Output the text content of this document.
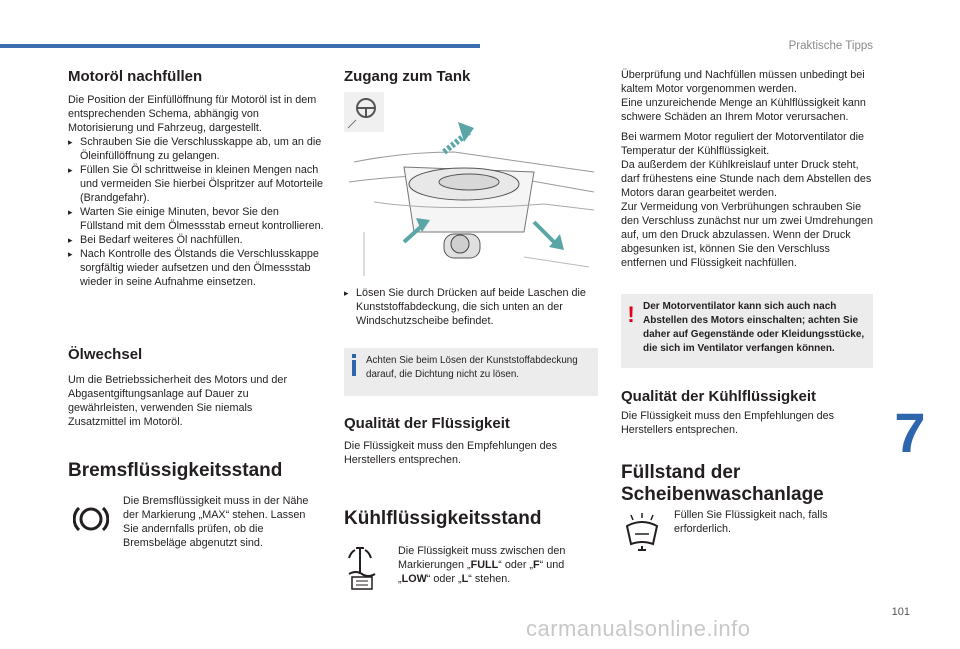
Praktische Tipps
Motoröl nachfüllen

Die Position der Einfüllöffnung für Motoröl ist in dem entsprechenden Schema, abhängig von Motorisierung und Fahrzeug, dargestellt.

▸ Schrauben Sie die Verschlusskappe ab, um an die Öleinfüllöffnung zu gelangen.

▸ Füllen Sie Öl schrittweise in kleinen Mengen nach und vermeiden Sie hierbei Ölspritzer auf Motorteile (Brandgefahr).

▸ Warten Sie einige Minuten, bevor Sie den Füllstand mit dem Ölmessstab erneut kontrollieren.

▸ Bei Bedarf weiteres Öl nachfüllen.

▸ Nach Kontrolle des Ölstands die Verschlusskappe sorgfältig wieder aufsetzen und den Ölmessstab wieder in seine Aufnahme einsetzen.

Ölwechsel
Um die Betriebssicherheit des Motors und der Abgasentgiftungsanlage auf Dauer zu gewährleisten, verwenden Sie niemals Zusatzmittel im Motoröl.
Bremsflüssigkeitsstand
Die Bremsflüssigkeit muss in der Nähe der Markierung „MAX“ stehen. Lassen Sie andernfalls prüfen, ob die Bremsbeläge abgenutzt sind.
Zugang zum Tank

▸ Lösen Sie durch Drücken auf beide Laschen die Kunststoffabdeckung, die sich unten an der Windschutzscheibe befindet.

Achten Sie beim Lösen der Kunststoffabdeckung darauf, die Dichtung nicht zu lösen.
Qualität der Flüssigkeit
Die Flüssigkeit muss den Empfehlungen des Herstellers entsprechen.
Kühlflüssigkeitsstand
Die Flüssigkeit muss zwischen den Markierungen „FULL“ oder „F“ und „LOW“ oder „L“ stehen.

Überprüfung und Nachfüllen müssen unbedingt bei kaltem Motor vorgenommen werden.

Eine unzureichende Menge an Kühlflüssigkeit kann schwere Schäden an Ihrem Motor verursachen.

Bei warmem Motor reguliert der Motorventilator die Temperatur der Kühlflüssigkeit.

Da außerdem der Kühlkreislauf unter Druck steht, darf frühestens eine Stunde nach dem Abstellen des Motors daran gearbeitet werden.

Zur Vermeidung von Verbrühungen schrauben Sie den Verschluss zunächst nur um zwei Umdrehungen auf, um den Druck abzulassen. Wenn der Druck abgesunken ist, können Sie den Verschluss entfernen und Flüssigkeit nachfüllen.

! Der Motorventilator kann sich auch nach Abstellen des Motors einschalten; achten Sie daher auf Gegenstände oder Kleidungsstücke, die sich im Ventilator verfangen können.
Qualität der Kühlflüssigkeit
Die Flüssigkeit muss den Empfehlungen des Herstellers entsprechen.
Füllstand der
Scheibenwaschanlage
Füllen Sie Flüssigkeit nach, falls erforderlich.
7
101
carmanualsonline.info
